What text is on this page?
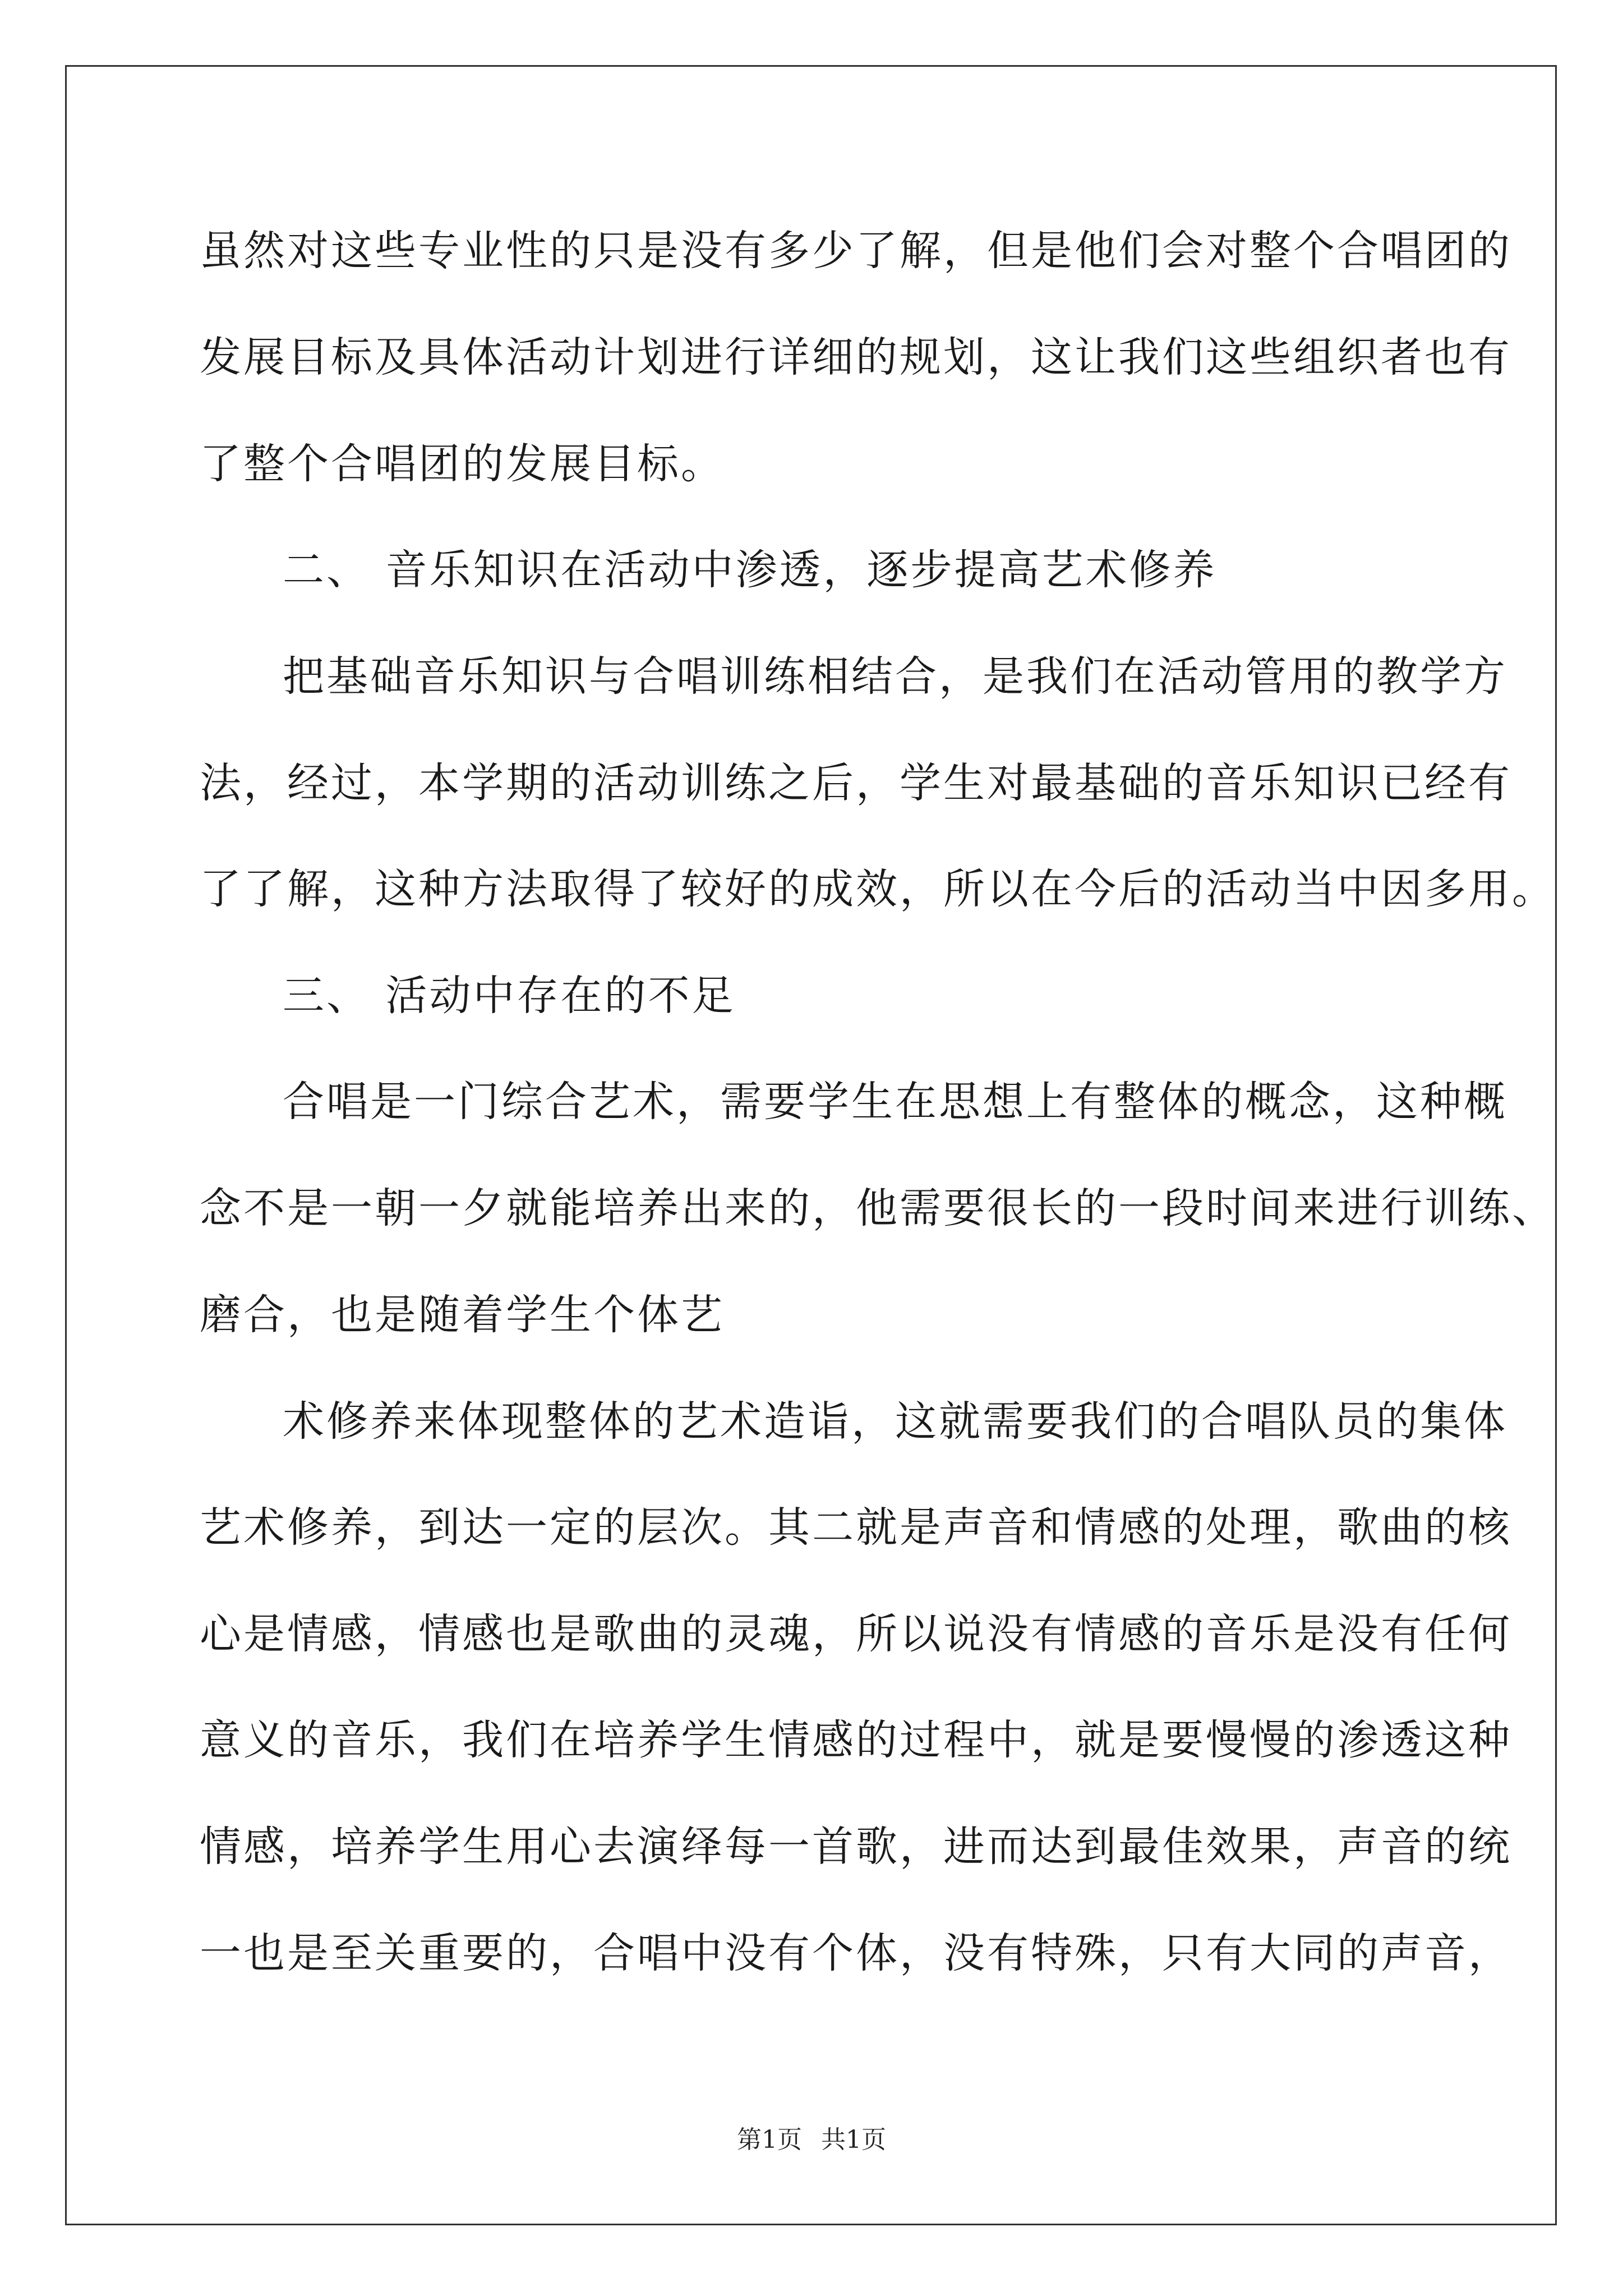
虽然对这些专业性的只是没有多少了解，但是他们会对整个合唱团的
发展目标及具体活动计划进行详细的规划，这让我们这些组织者也有
了整个合唱团的发展目标。
二、 音乐知识在活动中渗透，逐步提高艺术修养
把基础音乐知识与合唱训练相结合，是我们在活动管用的教学方
法，经过，本学期的活动训练之后，学生对最基础的音乐知识已经有
了了解，这种方法取得了较好的成效，所以在今后的活动当中因多用。
三、 活动中存在的不足
合唱是一门综合艺术，需要学生在思想上有整体的概念，这种概
念不是一朝一夕就能培养出来的，他需要很长的一段时间来进行训练、
磨合，也是随着学生个体艺
术修养来体现整体的艺术造诣，这就需要我们的合唱队员的集体
艺术修养，到达一定的层次。其二就是声音和情感的处理，歌曲的核
心是情感，情感也是歌曲的灵魂，所以说没有情感的音乐是没有任何
意义的音乐，我们在培养学生情感的过程中，就是要慢慢的渗透这种
情感，培养学生用心去演绎每一首歌，进而达到最佳效果，声音的统
一也是至关重要的，合唱中没有个体，没有特殊，只有大同的声音，
第1页 共1页
